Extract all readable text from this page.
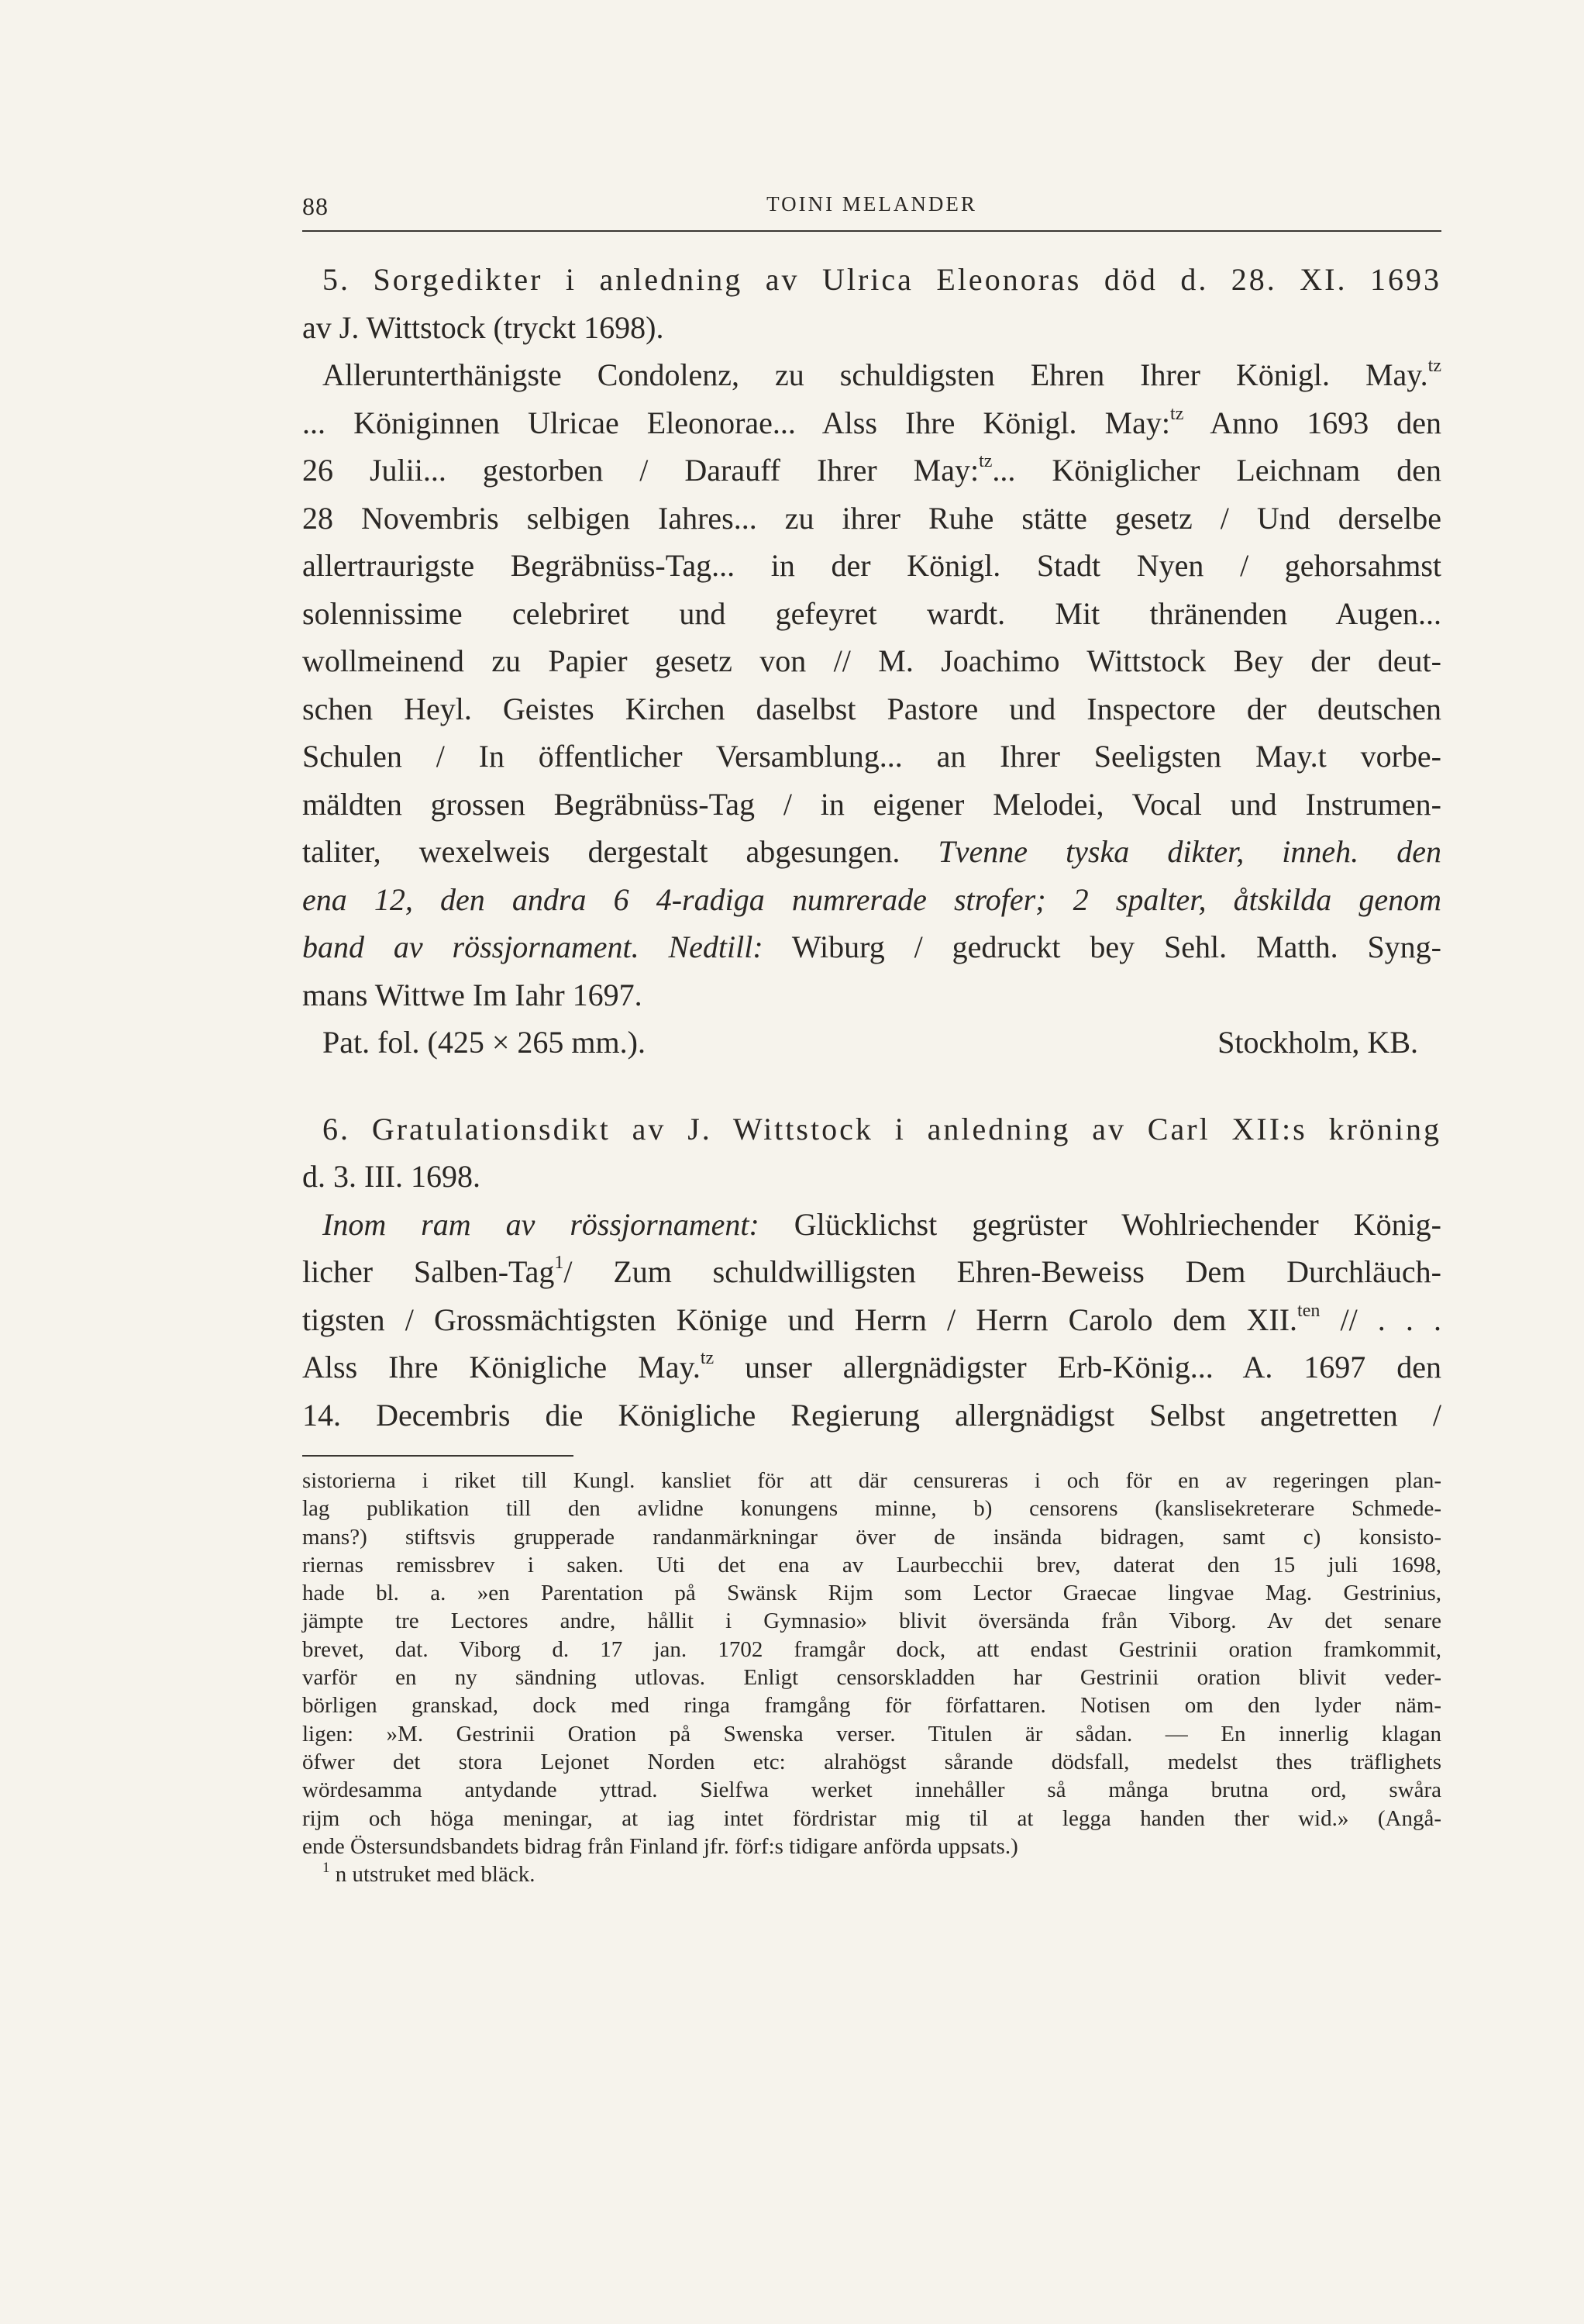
88	TOINI MELANDER
5. Sorgedikter i anledning av Ulrica Eleonoras död d. 28. XI. 1693
av J. Wittstock (tryckt 1698).
Allerunterthänigste Condolenz, zu schuldigsten Ehren Ihrer Königl. May.$^{tz}$
... Königinnen Ulricae Eleonorae... Alss Ihre Königl. May:$^{tz}$ Anno 1693 den
26 Julii... gestorben / Darauff Ihrer May:$^{tz}$... Königlicher Leichnam den
28 Novembris selbigen Iahres... zu ihrer Ruhe stätte gesetz / Und derselbe
allertraurigste Begräbnüss-Tag... in der Königl. Stadt Nyen / gehorsahmst
solennissime celebriret und gefeyret wardt. Mit thränenden Augen...
wollmeinend zu Papier gesetz von // M. Joachimo Wittstock Bey der deut-
schen Heyl. Geistes Kirchen daselbst Pastore und Inspectore der deutschen
Schulen / In öffentlicher Versamblung... an Ihrer Seeligsten May.t vorbe-
mäldten grossen Begräbnüss-Tag / in eigener Melodei, Vocal und Instrumen-
taliter, wexelweis dergestalt abgesungen. Tvenne tyska dikter, inneh. den
ena 12, den andra 6 4-radiga numrerade strofer; 2 spalter, åtskilda genom
band av rössjornament. Nedtill: Wiburg / gedruckt bey Sehl. Matth. Syng-
mans Wittwe Im Iahr 1697.
Pat. fol. (425 × 265 mm.).	Stockholm, KB.
6. Gratulationsdikt av J. Wittstock i anledning av Carl XII:s kröning
d. 3. III. 1698.
Inom ram av rössjornament: Glücklichst gegrüster Wohlriechender König-
licher Salben-Tag$^1$/ Zum schuldwilligsten Ehren-Beweiss Dem Durchläuch-
tigsten / Grossmächtigsten Könige und Herrn / Herrn Carolo dem XII.$^{ten}$ // . . .
Alss Ihre Königliche May.$^{tz}$ unser allergnädigster Erb-König... A. 1697 den
14. Decembris die Königliche Regierung allergnädigst Selbst angetretten /
sistorierna i riket till Kungl. kansliet för att där censureras i och för en av regeringen plan-
lag publikation till den avlidne konungens minne, b) censorens (kanslisekreterare Schmede-
mans?) stiftsvis grupperade randanmärkningar över de insända bidragen, samt c) konsisto-
riernas remissbrev i saken. Uti det ena av Laurbecchii brev, daterat den 15 juli 1698,
hade bl. a. »en Parentation på Swänsk Rijm som Lector Graecae lingvae Mag. Gestrinius,
jämpte tre Lectores andre, hållit i Gymnasio» blivit översända från Viborg. Av det senare
brevet, dat. Viborg d. 17 jan. 1702 framgår dock, att endast Gestrinii oration framkommit,
varför en ny sändning utlovas. Enligt censorskladden har Gestrinii oration blivit veder-
börligen granskad, dock med ringa framgång för författaren. Notisen om den lyder näm-
ligen: »M. Gestrinii Oration på Swenska verser. Titulen är sådan. — En innerlig klagan
öfwer det stora Lejonet Norden etc: alrahögst sårande dödsfall, medelst thes träflighets
wördesamma antydande yttrad. Sielfwa werket innehåller så många brutna ord, swåra
rijm och höga meningar, at iag intet fördristar mig til at legga handen ther wid.» (Angå-
ende Östersundsbandets bidrag från Finland jfr. förf:s tidigare anförda uppsats.)
$^1$ n utstruket med bläck.
